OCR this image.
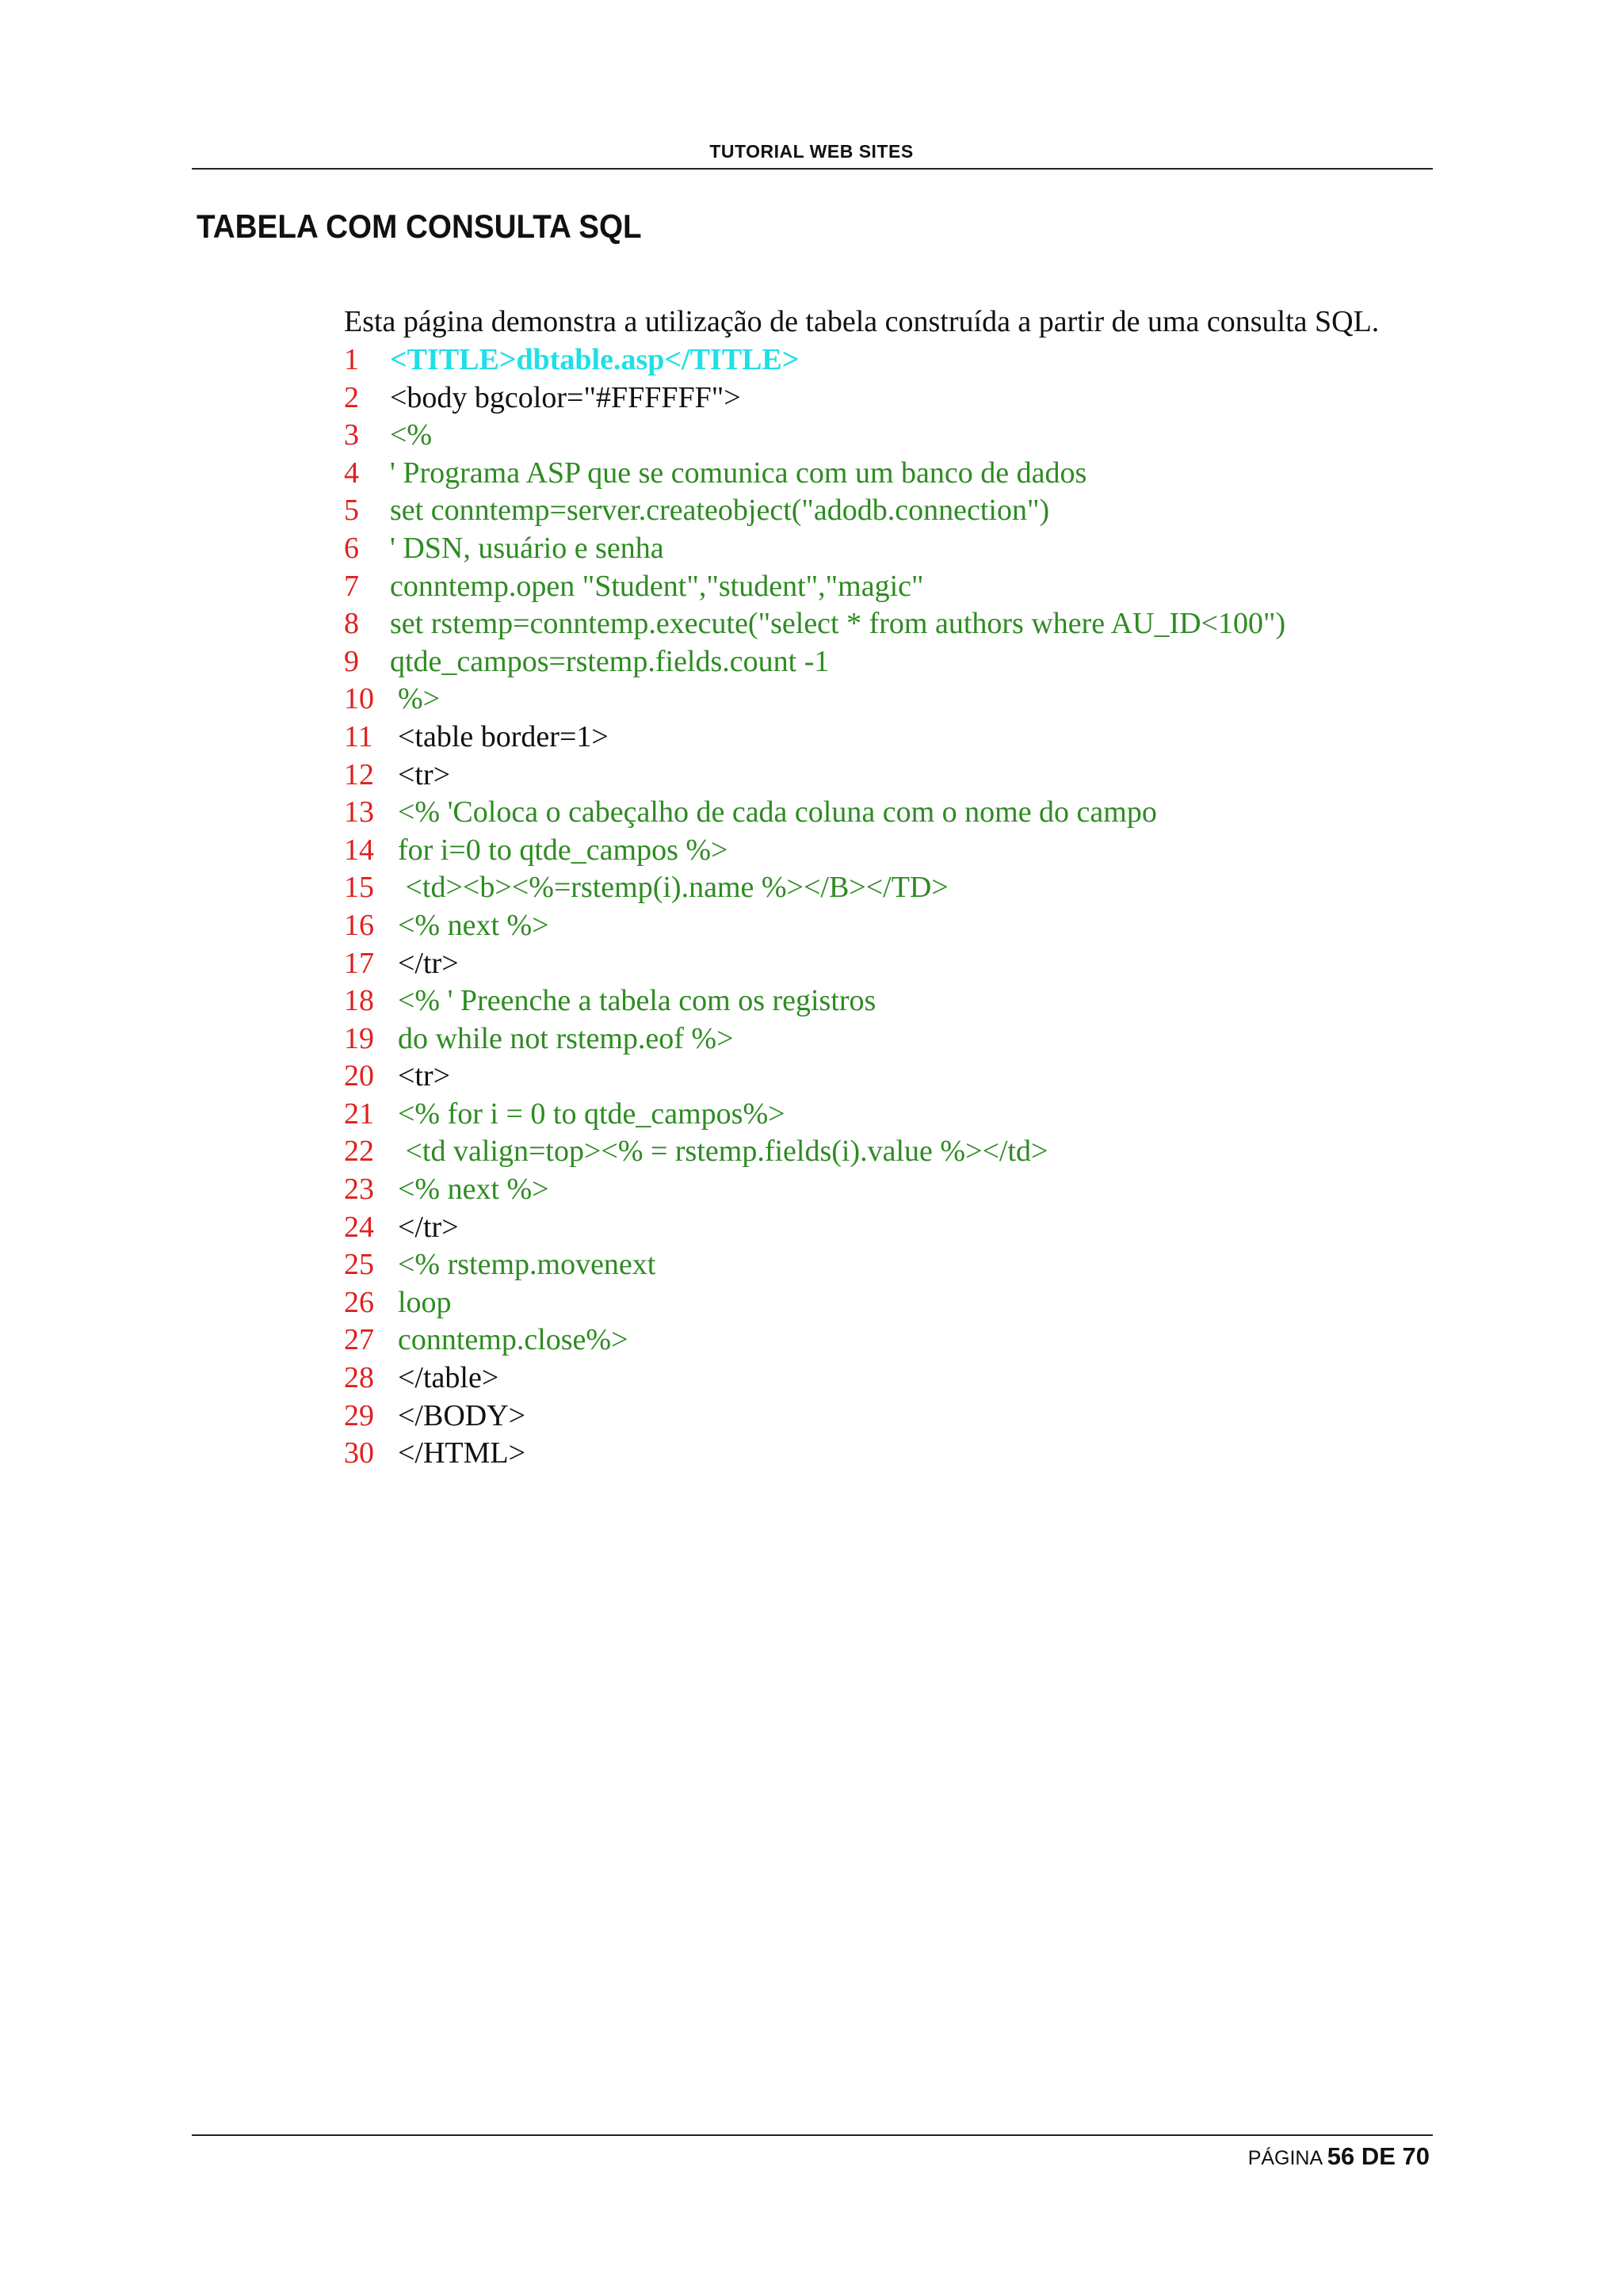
TUTORIAL WEB SITES
TABELA COM CONSULTA SQL
Esta página demonstra a utilização de tabela construída a partir de uma consulta SQL.
1 <TITLE>dbtable.asp</TITLE>
2 <body bgcolor="#FFFFFF">
3 <%
4 ' Programa ASP que se comunica com um banco de dados
5 set conntemp=server.createobject("adodb.connection")
6 ' DSN, usuário e senha
7 conntemp.open "Student","student","magic"
8 set rstemp=conntemp.execute("select * from authors where AU_ID<100")
9 qtde_campos=rstemp.fields.count -1
10 %>
11 <table border=1>
12 <tr>
13 <% 'Coloca o cabeçalho de cada coluna com o nome do campo
14 for i=0 to qtde_campos %>
15 <td><b><%=rstemp(i).name %></B></TD>
16 <% next %>
17 </tr>
18 <% ' Preenche a tabela com os registros
19 do while not rstemp.eof %>
20 <tr>
21 <% for i = 0 to qtde_campos%>
22 <td valign=top><% = rstemp.fields(i).value %></td>
23 <% next %>
24 </tr>
25 <% rstemp.movenext
26 loop
27 conntemp.close%>
28 </table>
29 </BODY>
30 </HTML>
PÁGINA 56 DE 70
